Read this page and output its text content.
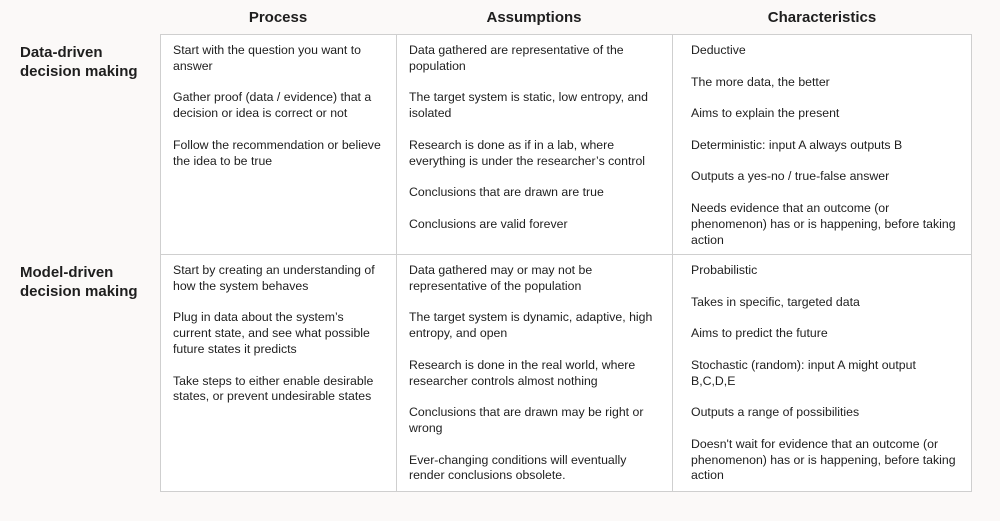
Process	Assumptions	Characteristics
Data-driven
decision making
Model-driven
decision making

Start with the question you want to answer

Gather proof (data / evidence) that a decision or idea is correct or not

Follow the recommendation or believe the idea to be true

Data gathered are representative of the population

The target system is static, low entropy, and isolated

Research is done as if in a lab, where everything is under the researcher’s control

Conclusions that are drawn are true

Conclusions are valid forever

Deductive

The more data, the better

Aims to explain the present

Deterministic: input A always outputs B

Outputs a yes-no / true-false answer

Needs evidence that an outcome (or phenomenon) has or is happening, before taking action

Start by creating an understanding of how the system behaves

Plug in data about the system’s current state, and see what possible future states it predicts

Take steps to either enable desirable states, or prevent undesirable states

Data gathered may or may not be representative of the population

The target system is dynamic, adaptive, high entropy, and open

Research is done in the real world, where researcher controls almost nothing

Conclusions that are drawn may be right or wrong

Ever-changing conditions will eventually render conclusions obsolete.

Probabilistic

Takes in specific, targeted data

Aims to predict the future

Stochastic (random): input A might output B,C,D,E

Outputs a range of possibilities

Doesn't wait for evidence that an outcome (or phenomenon) has or is happening, before taking action
